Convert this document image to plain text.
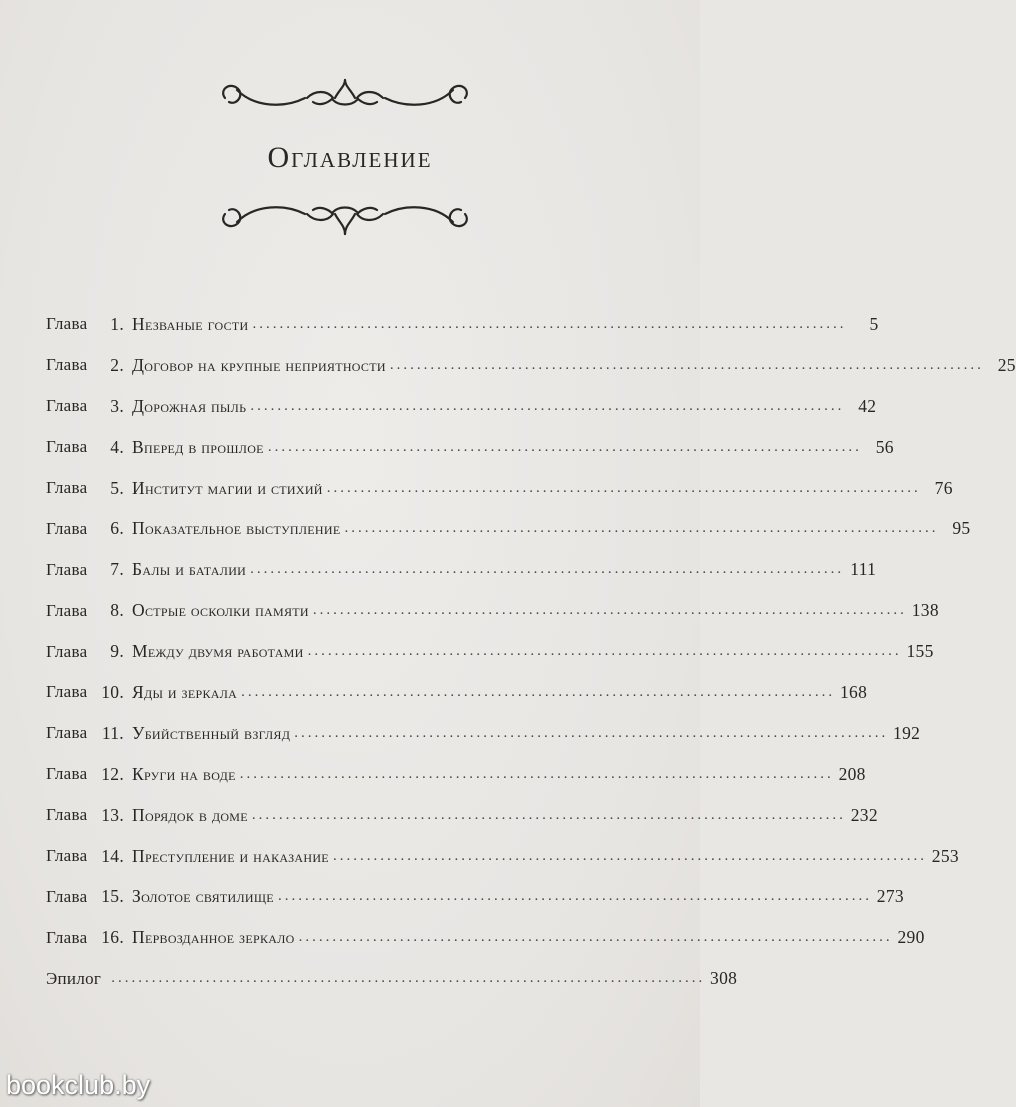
Оглавление
Глава	1. Незваные гости ........................................................................................	5
Глава	2. Договор на крупные неприятности ........................................................................................ 25
Глава	3. Дорожная пыль ........................................................................................ 42
Глава	4. Вперед в прошлое ........................................................................................ 56
Глава	5. Институт магии и стихий ........................................................................................ 76
Глава	6. Показательное выступление ........................................................................................ 95
Глава	7. Балы и баталии ........................................................................................ 111
Глава	8. Острые осколки памяти ........................................................................................ 138
Глава	9. Между двумя работами ........................................................................................ 155
Глава 10. Яды и зеркала ........................................................................................ 168
Глава 11. Убийственный взгляд ........................................................................................ 192
Глава 12. Круги на воде ........................................................................................ 208
Глава 13. Порядок в доме ........................................................................................ 232
Глава 14. Преступление и наказание ........................................................................................ 253
Глава 15. Золотое святилище ........................................................................................ 273
Глава 16. Первозданное зеркало ........................................................................................ 290
Эпилог ........................................................................................ 308
bookclub.by
